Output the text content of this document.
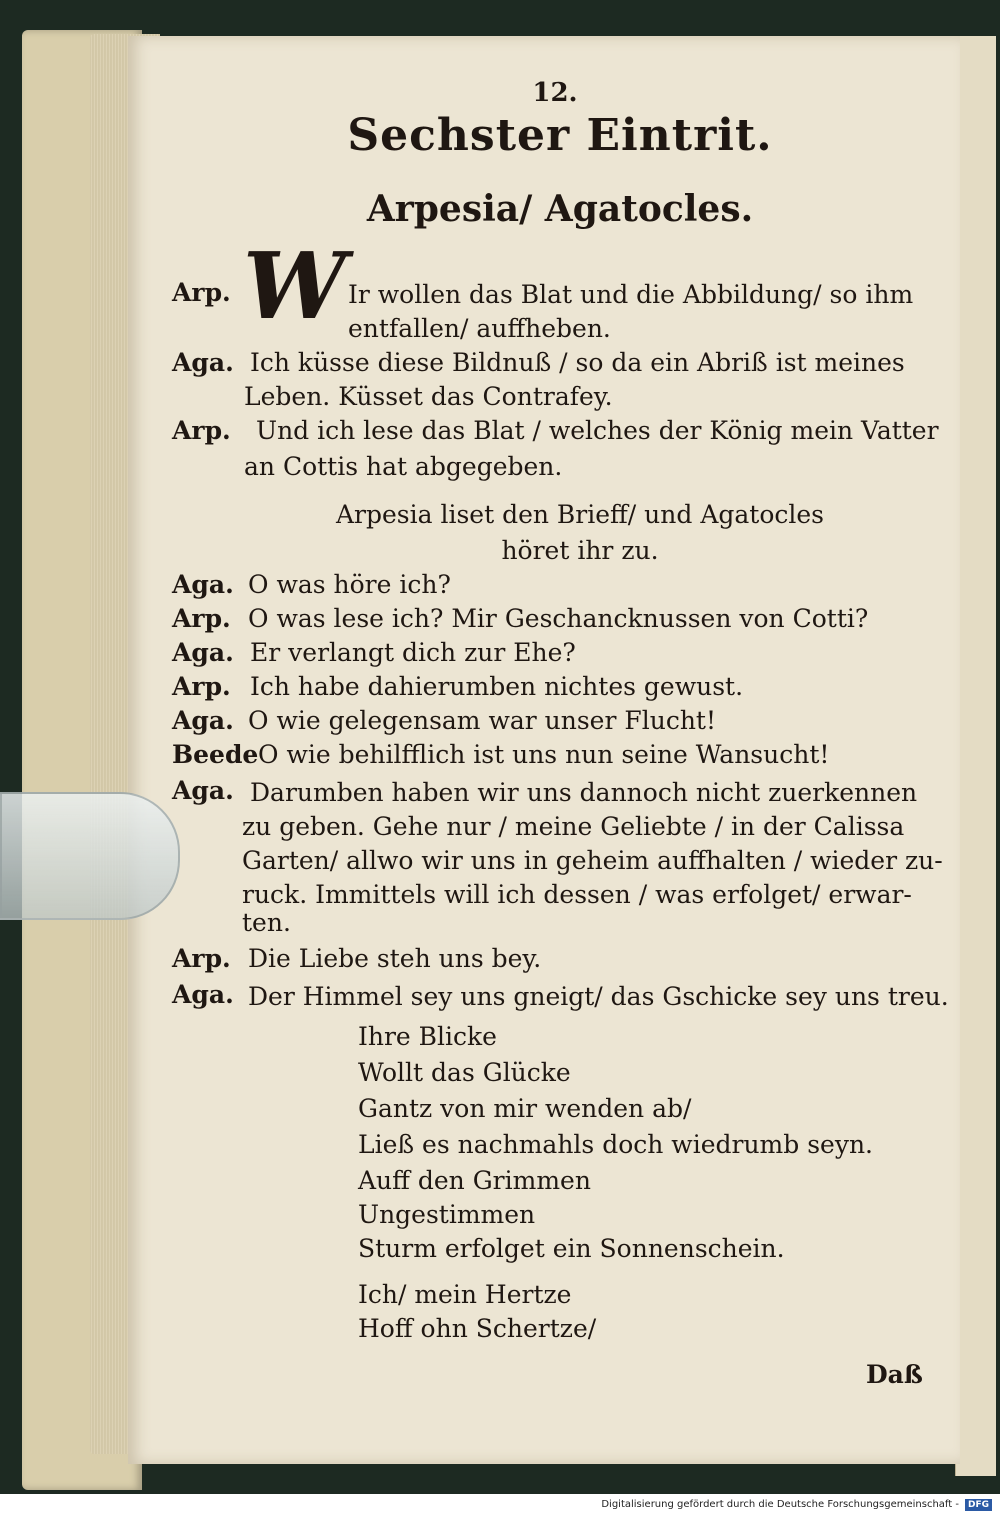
12.
Sechster Eintrit.
Arpesia/ Agatocles.
Arp. W Ir wollen das Blat und die Abbildung/ so ihm
entfallen/ auffheben.
Aga. Ich küsse diese Bildnuß / so da ein Abriß ist meines
Leben. Küsset das Contrafey.
Arp.	Und ich lese das Blat / welches der König mein Vatter
an Cottis hat abgegeben.
Arpesia liset den Brieff/ und Agatocles
höret ihr zu.
Aga. O was höre ich?
Arp. O was lese ich? Mir Geschancknussen von Cotti?
Aga. Er verlangt dich zur Ehe?
Arp. Ich habe dahierumben nichtes gewust.
Aga. O wie gelegensam war unser Flucht!
Beede O wie behilfflich ist uns nun seine Wansucht!
Aga. Darumben haben wir uns dannoch nicht zuerkennen
zu geben. Gehe nur / meine Geliebte / in der Calissa
Garten/ allwo wir uns in geheim auffhalten / wieder zu-
ruck. Immittels will ich dessen / was erfolget/ erwar-
ten.
Arp. Die Liebe steh uns bey.
Aga. Der Himmel sey uns gneigt/ das Gschicke sey uns treu.
Ihre Blicke
Wollt das Glücke
Gantz von mir wenden ab/
Ließ es nachmahls doch wiedrumb seyn.
Auff den Grimmen
Ungestimmen
Sturm erfolget ein Sonnenschein.
Ich/ mein Hertze
Hoff ohn Schertze/
Daß
Digitalisierung gefördert durch die Deutsche Forschungsgemeinschaft -	DFG
